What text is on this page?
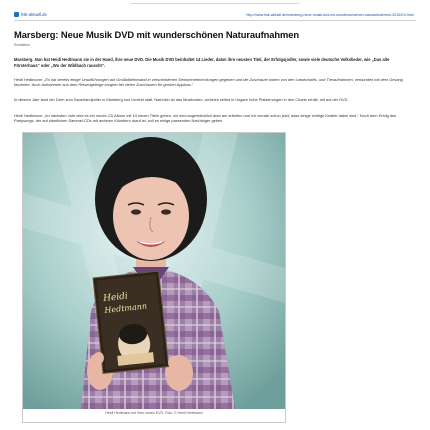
hsk-aktuell.de	http://www.hsk-aktuell.de/marsberg-neue-musik-dvd-mit-wunderschoenen-naturaufnahmen-2015/01/.html
Marsberg: Neue Musik DVD mit wunderschönen Naturaufnahmen
Redaktion
Marsberg. Nun hat Heidi Hedtmann sie in der Hand, ihre neue DVD. Die Musik DVD beinhaltet 14 Lieder, dabei ihre neusten Titel, der Erfolgsjodler, sowie viele deutsche Volkslieder, wie „Das alte Försterhaus“ oder „Wo der Wildbach rauscht“.
Heidi Hedtmann: „Es hat bereits einige Uraufführungen auf Großbildleinwand in verschiedenen Seniorenreinrichtungen gegeben und die Zuschauer waren von den Landschafts- und Tieraufnahmen, verbunden mit dem Gesang fasziniert. Auch Aufnahmen aus dem Riesengebirge sorgten bei vielen Zuschauern für großen Applaus.“
In diesem Jahr fand der Dreh zum Sauerlandjodler in Marsberg und Umfeld statt. Natürlich ist das Musikvideo, welches selbst in Ungarn hohe Platzierungen in den Charts erhält, mit auf der DVD.
Heidi Hedtmann: „Im nächsten Jahr wird es ein neues CD Album mit 14 neuen Titeln geben, wir sind augenblicklich dran am arbeiten und ich verrate schon jetzt, dass einige richtige Knaller dabei sind.“ Noch dem Erfolg des Partysongs, der auf sämtlichen Sammel-CDs mit anderen Künstlern drauf ist, soll es einige passenden Nachfolger geben.
Heidi
Hedtmann
Heidi Hedtmann mit ihrer neuen DVD. Foto: © Heidi Hedtmann
